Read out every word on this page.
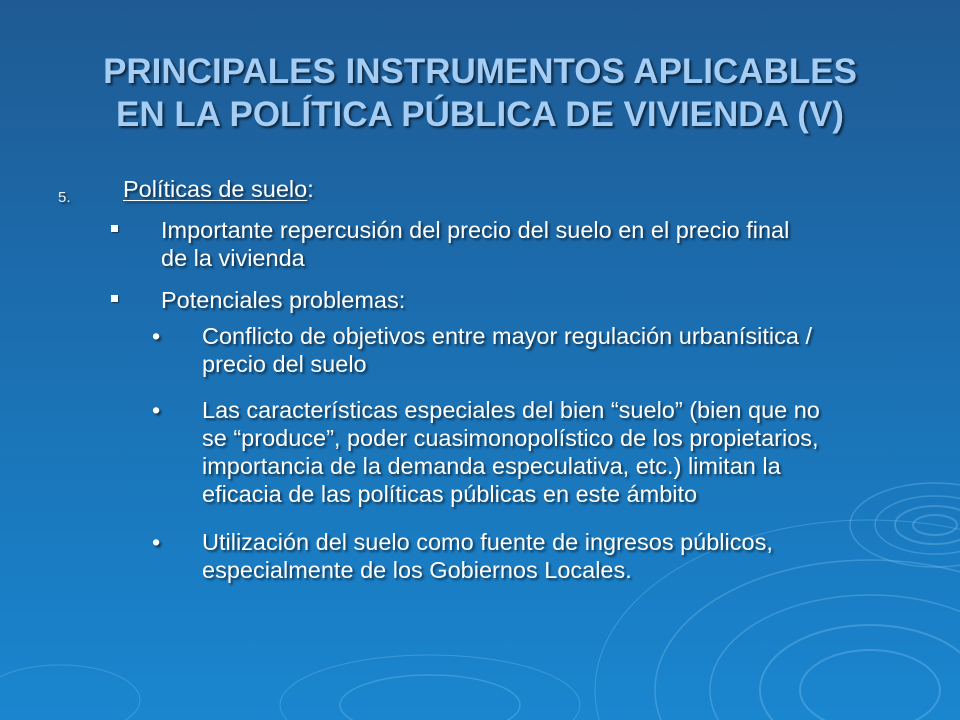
PRINCIPALES INSTRUMENTOS APLICABLES
EN LA POLÍTICA PÚBLICA DE VIVIENDA (V)
5. Políticas de suelo:
Importante repercusión del precio del suelo en el precio final
de la vivienda
Potenciales problemas:
• Conflicto de objetivos entre mayor regulación urbanísitica /
precio del suelo
• Las características especiales del bien “suelo” (bien que no
se “produce”, poder cuasimonopolístico de los propietarios,
importancia de la demanda especulativa, etc.) limitan la
eficacia de las políticas públicas en este ámbito
• Utilización del suelo como fuente de ingresos públicos,
especialmente de los Gobiernos Locales.
